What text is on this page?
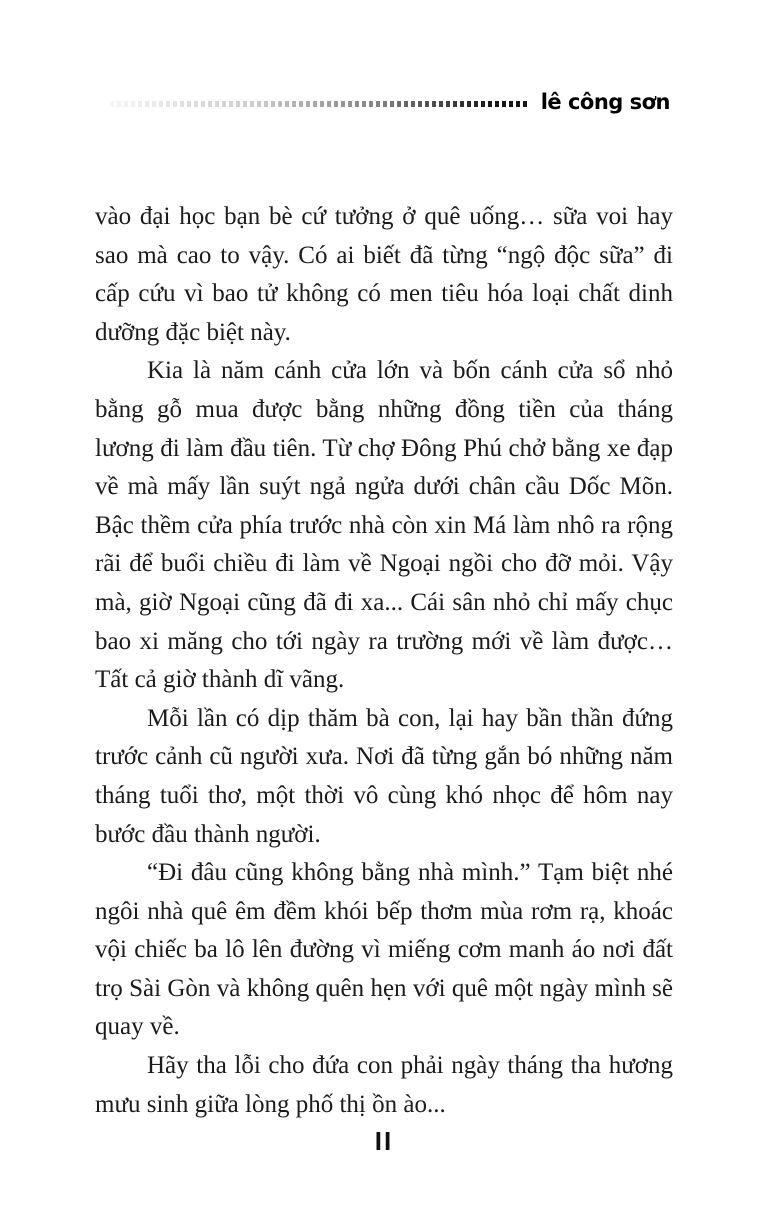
lê công sơn

vào đại học bạn bè cứ tưởng ở quê uống… sữa voi hay sao mà cao to vậy. Có ai biết đã từng “ngộ độc sữa” đi cấp cứu vì bao tử không có men tiêu hóa loại chất dinh dưỡng đặc biệt này.

Kia là năm cánh cửa lớn và bốn cánh cửa sổ nhỏ bằng gỗ mua được bằng những đồng tiền của tháng lương đi làm đầu tiên. Từ chợ Đông Phú chở bằng xe đạp về mà mấy lần suýt ngả ngửa dưới chân cầu Dốc Mõn. Bậc thềm cửa phía trước nhà còn xin Má làm nhô ra rộng rãi để buổi chiều đi làm về Ngoại ngồi cho đỡ mỏi. Vậy mà, giờ Ngoại cũng đã đi xa... Cái sân nhỏ chỉ mấy chục bao xi măng cho tới ngày ra trường mới về làm được… Tất cả giờ thành dĩ vãng.

Mỗi lần có dịp thăm bà con, lại hay bần thần đứng trước cảnh cũ người xưa. Nơi đã từng gắn bó những năm tháng tuổi thơ, một thời vô cùng khó nhọc để hôm nay bước đầu thành người.

“Đi đâu cũng không bằng nhà mình.” Tạm biệt nhé ngôi nhà quê êm đềm khói bếp thơm mùa rơm rạ, khoác vội chiếc ba lô lên đường vì miếng cơm manh áo nơi đất trọ Sài Gòn và không quên hẹn với quê một ngày mình sẽ quay về.

Hãy tha lỗi cho đứa con phải ngày tháng tha hương mưu sinh giữa lòng phố thị ồn ào...

II
